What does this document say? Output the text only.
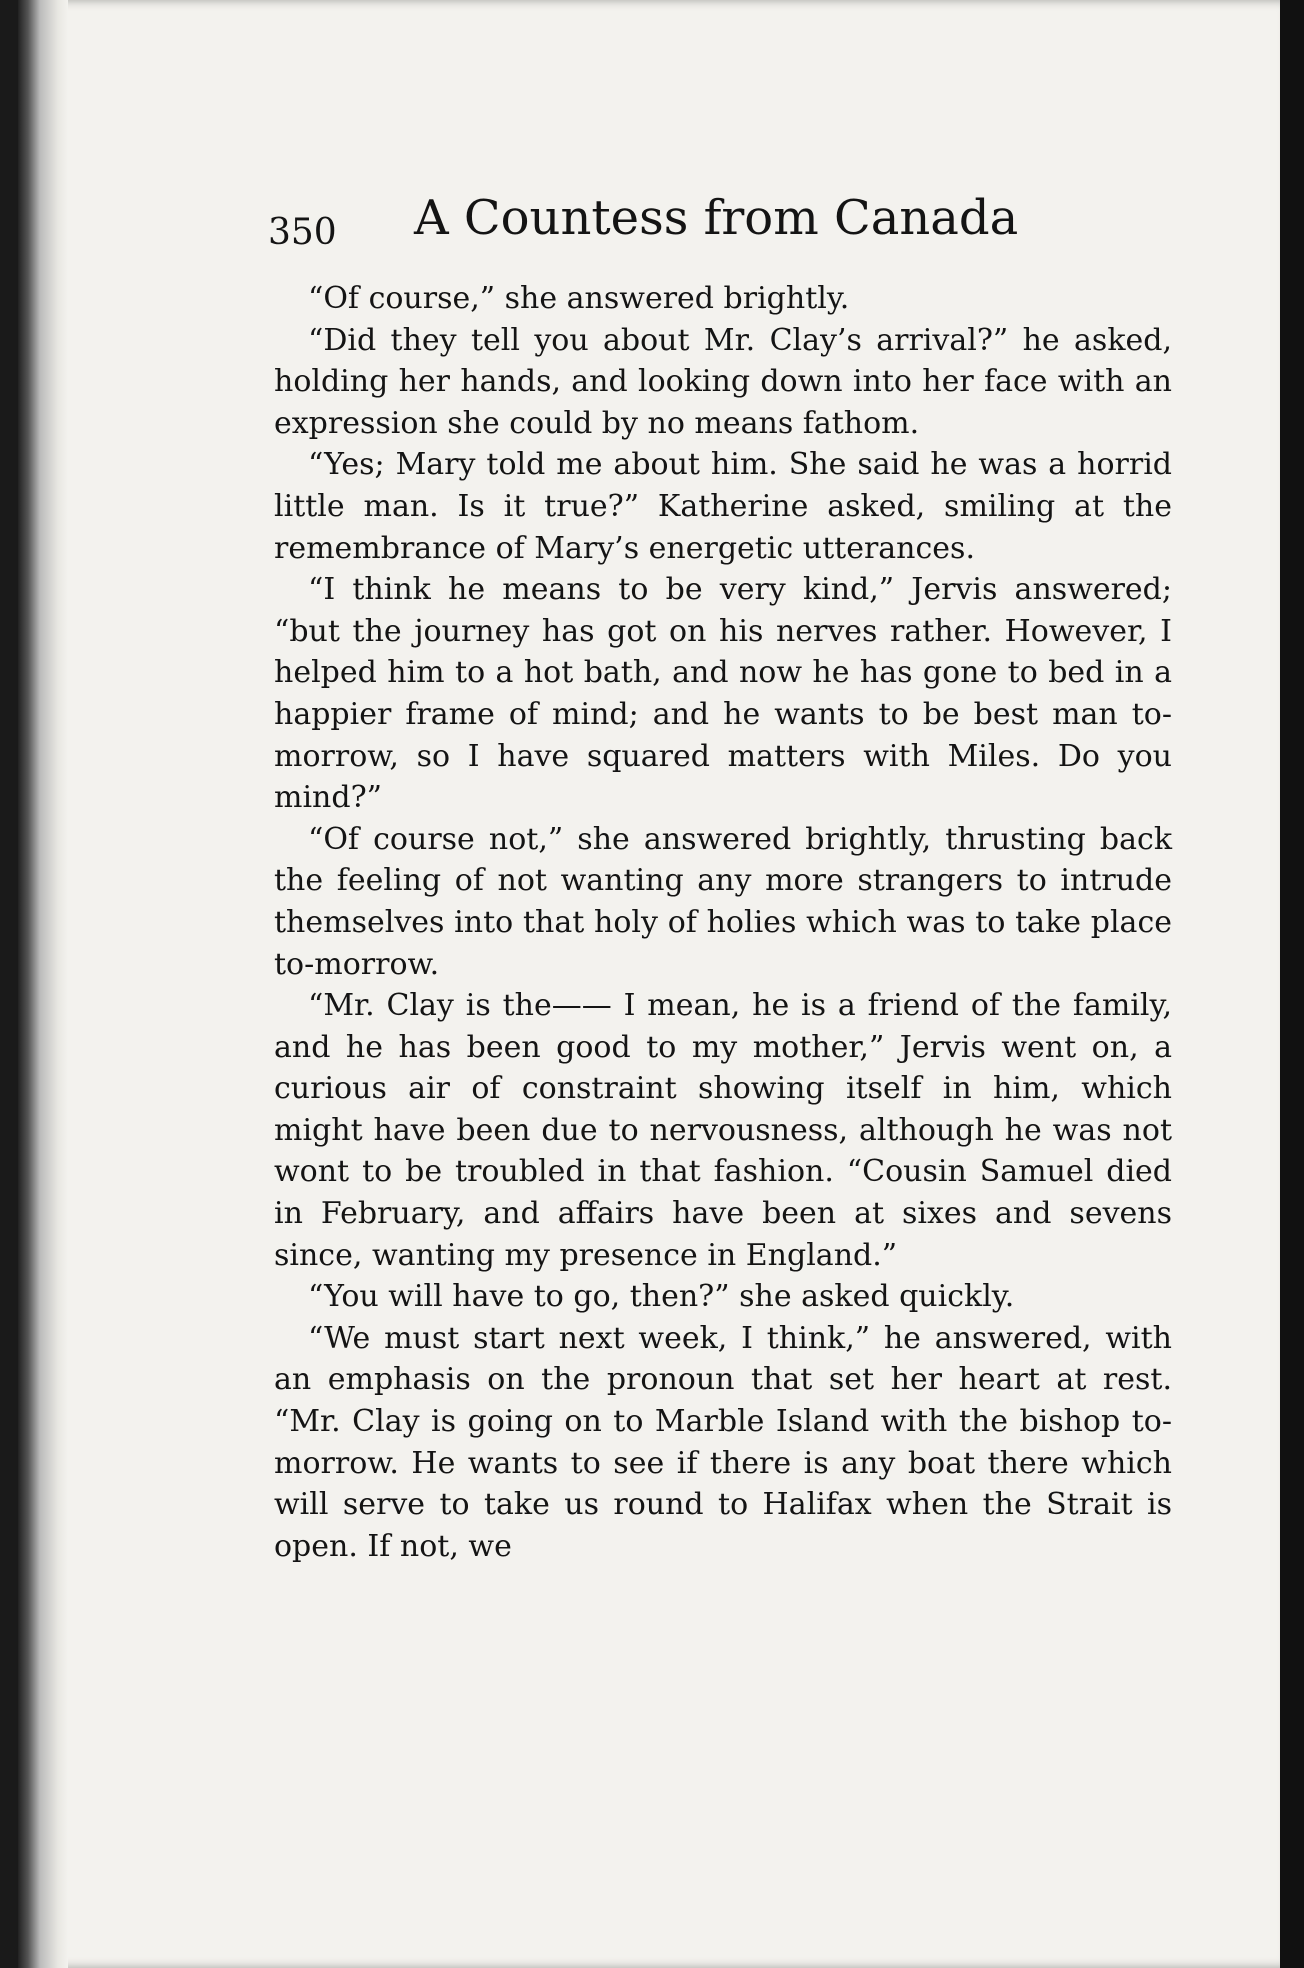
350 A Countess from Canada

“Of course,” she answered brightly.

“Did they tell you about Mr. Clay’s arrival?” he asked, holding her hands, and looking down into her face with an expression she could by no means fathom.

“Yes; Mary told me about him. She said he was a horrid little man. Is it true?” Katherine asked, smiling at the remembrance of Mary’s energetic utterances.

“I think he means to be very kind,” Jervis answered; “but the journey has got on his nerves rather. However, I helped him to a hot bath, and now he has gone to bed in a happier frame of mind; and he wants to be best man to-morrow, so I have squared matters with Miles. Do you mind?”

“Of course not,” she answered brightly, thrusting back the feeling of not wanting any more strangers to intrude themselves into that holy of holies which was to take place to-morrow.

“Mr. Clay is the—— I mean, he is a friend of the family, and he has been good to my mother,” Jervis went on, a curious air of constraint showing itself in him, which might have been due to nervousness, although he was not wont to be troubled in that fashion. “Cousin Samuel died in February, and affairs have been at sixes and sevens since, wanting my presence in England.”

“You will have to go, then?” she asked quickly.

“We must start next week, I think,” he answered, with an emphasis on the pronoun that set her heart at rest. “Mr. Clay is going on to Marble Island with the bishop to-morrow. He wants to see if there is any boat there which will serve to take us round to Halifax when the Strait is open. If not, we
